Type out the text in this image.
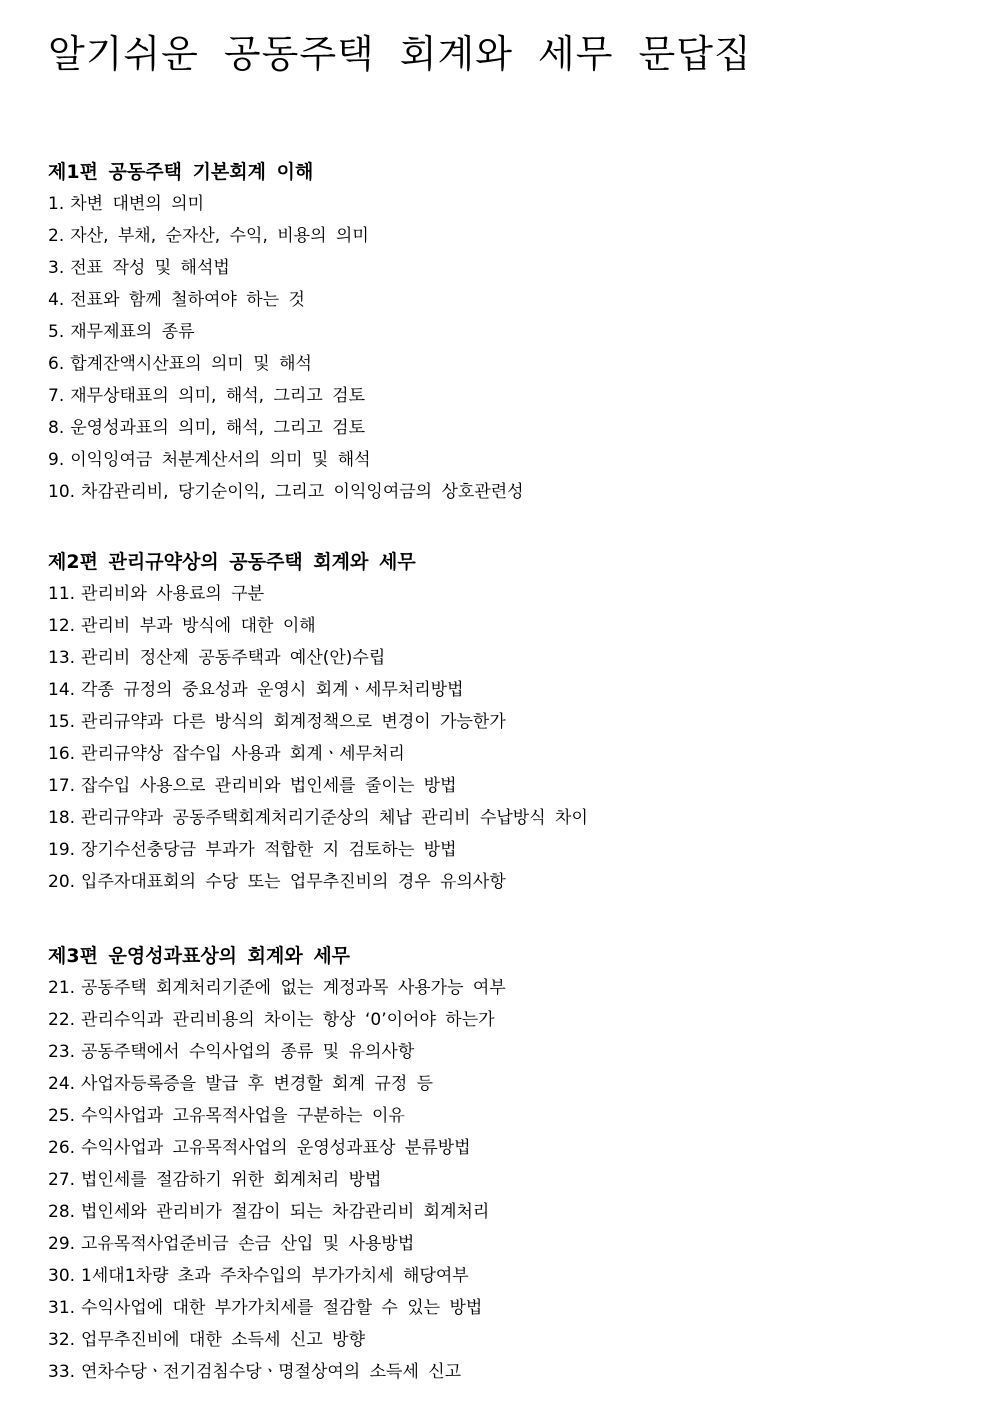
알기쉬운 공동주택 회계와 세무 문답집
제1편 공동주택 기본회계 이해
1. 차변 대변의 의미
2. 자산, 부채, 순자산, 수익, 비용의 의미
3. 전표 작성 및 해석법
4. 전표와 함께 철하여야 하는 것
5. 재무제표의 종류
6. 합계잔액시산표의 의미 및 해석
7. 재무상태표의 의미, 해석, 그리고 검토
8. 운영성과표의 의미, 해석, 그리고 검토
9. 이익잉여금 처분계산서의 의미 및 해석
10. 차감관리비, 당기순이익, 그리고 이익잉여금의 상호관련성
제2편 관리규약상의 공동주택 회계와 세무
11. 관리비와 사용료의 구분
12. 관리비 부과 방식에 대한 이해
13. 관리비 정산제 공동주택과 예산(안)수립
14. 각종 규정의 중요성과 운영시 회계ㆍ세무처리방법
15. 관리규약과 다른 방식의 회계정책으로 변경이 가능한가
16. 관리규약상 잡수입 사용과 회계ㆍ세무처리
17. 잡수입 사용으로 관리비와 법인세를 줄이는 방법
18. 관리규약과 공동주택회계처리기준상의 체납 관리비 수납방식 차이
19. 장기수선충당금 부과가 적합한 지 검토하는 방법
20. 입주자대표회의 수당 또는 업무추진비의 경우 유의사항
제3편 운영성과표상의 회계와 세무
21. 공동주택 회계처리기준에 없는 계정과목 사용가능 여부
22. 관리수익과 관리비용의 차이는 항상 ‘0’이어야 하는가
23. 공동주택에서 수익사업의 종류 및 유의사항
24. 사업자등록증을 발급 후 변경할 회계 규정 등
25. 수익사업과 고유목적사업을 구분하는 이유
26. 수익사업과 고유목적사업의 운영성과표상 분류방법
27. 법인세를 절감하기 위한 회계처리 방법
28. 법인세와 관리비가 절감이 되는 차감관리비 회계처리
29. 고유목적사업준비금 손금 산입 및 사용방법
30. 1세대1차량 초과 주차수입의 부가가치세 해당여부
31. 수익사업에 대한 부가가치세를 절감할 수 있는 방법
32. 업무추진비에 대한 소득세 신고 방향
33. 연차수당ㆍ전기검침수당ㆍ명절상여의 소득세 신고
